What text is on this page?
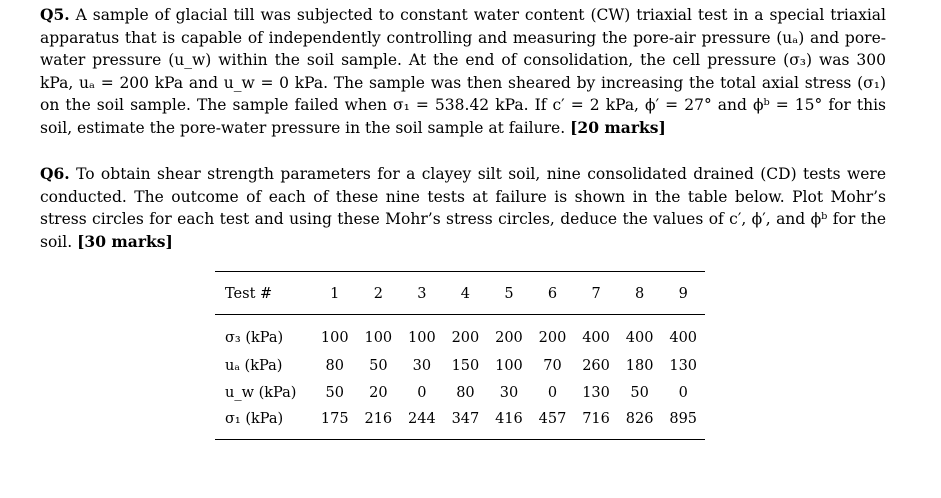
Q5. A sample of glacial till was subjected to constant water content (CW) triaxial test in a special triaxial apparatus that is capable of independently controlling and measuring the pore-air pressure (uₐ) and pore-water pressure (u_w) within the soil sample. At the end of consolidation, the cell pressure (σ₃) was 300 kPa, uₐ = 200 kPa and u_w = 0 kPa. The sample was then sheared by increasing the total axial stress (σ₁) on the soil sample. The sample failed when σ₁ = 538.42 kPa. If c′ = 2 kPa, ϕ′ = 27° and ϕᵇ = 15° for this soil, estimate the pore-water pressure in the soil sample at failure. [20 marks]
Q6. To obtain shear strength parameters for a clayey silt soil, nine consolidated drained (CD) tests were conducted. The outcome of each of these nine tests at failure is shown in the table below. Plot Mohr’s stress circles for each test and using these Mohr’s stress circles, deduce the values of c′, ϕ′, and ϕᵇ for the soil. [30 marks]
Test #	1	2	3	4	5	6	7	8	9
σ₃ (kPa)	100	100	100	200	200	200	400	400	400
uₐ (kPa)	80	50	30	150	100	70	260	180	130
u_w (kPa)	50	20	0	80	30	0	130	50	0
σ₁ (kPa)	175	216	244	347	416	457	716	826	895
